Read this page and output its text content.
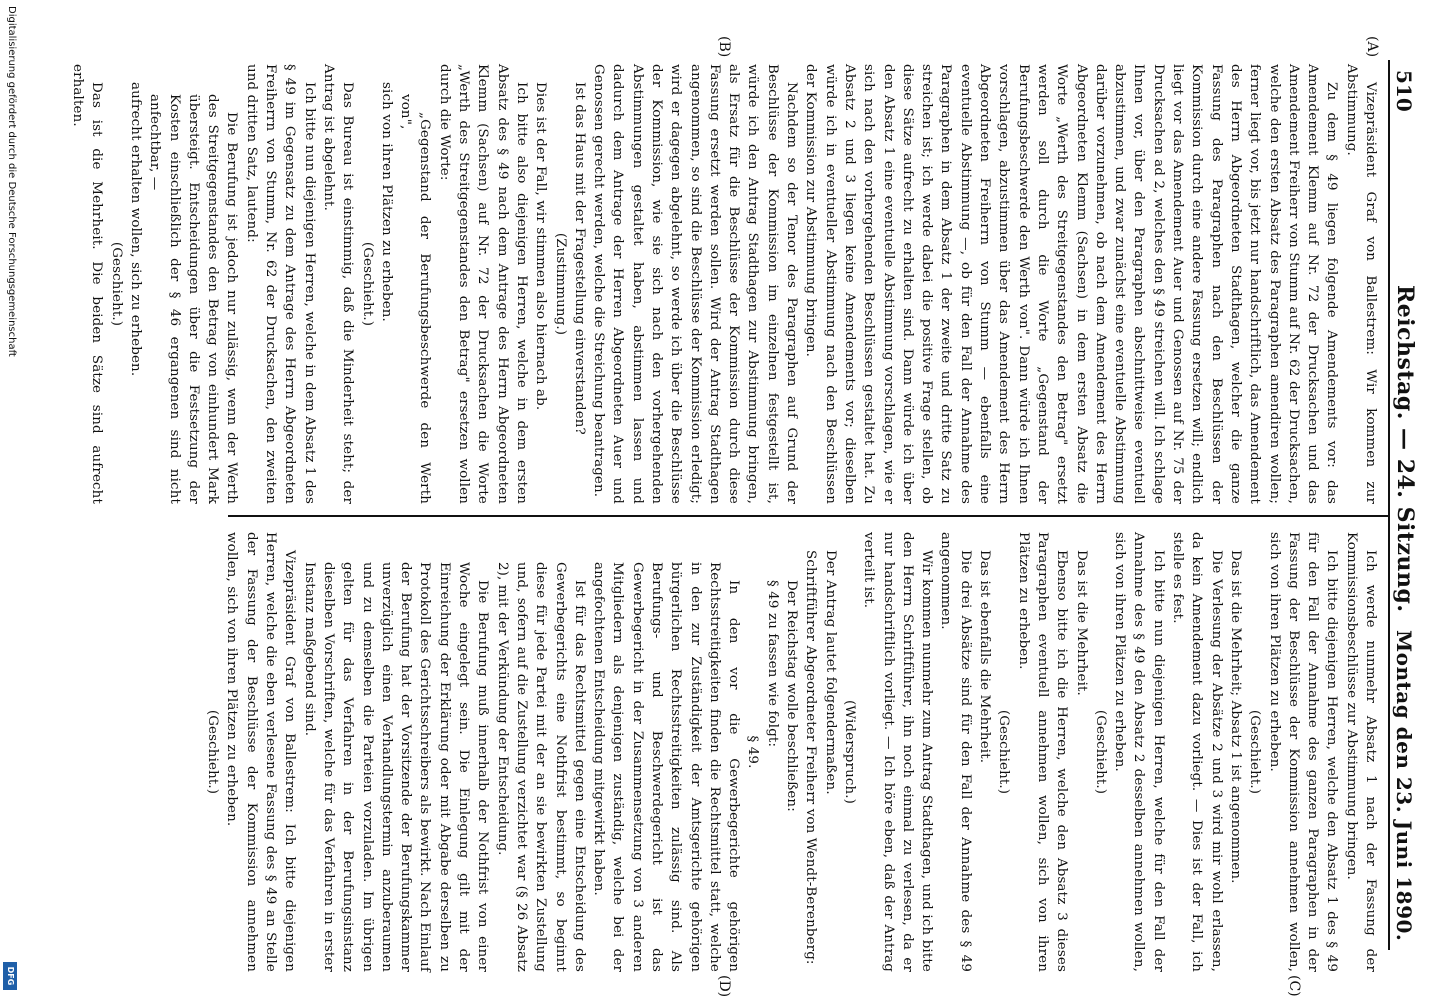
510
Reichstag. — 24. Sitzung.
Montag den 23. Juni 1890.
(A)
(B)
(C)
(D)

Vizepräsident Graf von Ballestrem: Wir kommen zur Abstimmung.

Zu dem § 49 liegen folgende Amendements vor: das Amendement Klemm auf Nr. 72 der Drucksachen und das Amendement Freiherr von Stumm auf Nr. 62 der Drucksachen, welche den ersten Absatz des Paragraphen amendiren wollen; ferner liegt vor, bis jetzt nur handschriftlich, das Amendement des Herrn Abgeordneten Stadthagen, welcher die ganze Fassung des Paragraphen nach den Beschlüssen der Kommission durch eine andere Fassung ersetzen will; endlich liegt vor das Amendement Auer und Genossen auf Nr. 75 der Drucksachen ad 2, welches den § 49 streichen will. Ich schlage Ihnen vor, über den Paragraphen abschnittweise eventuell abzustimmen, und zwar zunächst eine eventuelle Abstimmung darüber vorzunehmen, ob nach dem Amendement des Herrn Abgeordneten Klemm (Sachsen) in dem ersten Absatz die Worte „Werth des Streitgegenstandes den Betrag" ersetzt werden soll durch die Worte „Gegenstand der Berufungsbeschwerde den Werth von". Dann würde ich Ihnen vorschlagen, abzustimmen über das Amendement des Herrn Abgeordneten Freiherrn von Stumm — ebenfalls eine eventuelle Abstimmung —, ob für den Fall der Annahme des Paragraphen in dem Absatz 1 der zweite und dritte Satz zu streichen ist; ich werde dabei die positive Frage stellen, ob diese Sätze aufrecht zu erhalten sind. Dann würde ich über den Absatz 1 eine eventuelle Abstimmung vorschlagen, wie er sich nach den vorhergehenden Beschlüssen gestaltet hat. Zu Absatz 2 und 3 liegen keine Amendements vor; dieselben würde ich in eventueller Abstimmung nach den Beschlüssen der Kommission zur Abstimmung bringen.

Nachdem so der Tenor des Paragraphen auf Grund der Beschlüsse der Kommission im einzelnen festgestellt ist, würde ich den Antrag Stadthagen zur Abstimmung bringen, als Ersatz für die Beschlüsse der Kommission durch diese Fassung ersetzt werden sollen. Wird der Antrag Stadthagen angenommen, so sind die Beschlüsse der Kommission erledigt; wird er dagegen abgelehnt, so werde ich über die Beschlüsse der Kommission, wie sie sich nach den vorhergehenden Abstimmungen gestaltet haben, abstimmen lassen und dadurch dem Antrage der Herren Abgeordneten Auer und Genossen gerecht werden, welche die Streichung beantragen.

Ist das Haus mit der Fragestellung einverstanden?

(Zustimmung.)

Dies ist der Fall, wir stimmen also hiernach ab.

Ich bitte also diejenigen Herren, welche in dem ersten Absatz des § 49 nach dem Antrage des Herrn Abgeordneten Klemm (Sachsen) auf Nr. 72 der Drucksachen die Worte „Werth des Streitgegenstandes den Betrag" ersetzen wollen durch die Worte:

„Gegenstand der Berufungsbeschwerde den Werth von",

sich von ihren Plätzen zu erheben.

(Geschieht.)

Das Bureau ist einstimmig, daß die Minderheit steht; der Antrag ist abgelehnt.

Ich bitte nun diejenigen Herren, welche in dem Absatz 1 des § 49 im Gegensatz zu dem Antrage des Herrn Abgeordneten Freiherrn von Stumm, Nr. 62 der Drucksachen, den zweiten und dritten Satz, lautend:

Die Berufung ist jedoch nur zulässig, wenn der Werth des Streitgegenstandes den Betrag von einhundert Mark übersteigt. Entscheidungen über die Festsetzung der Kosten einschließlich der § 46 ergangenen sind nicht anfechtbar, —

aufrecht erhalten wollen, sich zu erheben.

(Geschieht.)

Das ist die Mehrheit. Die beiden Sätze sind aufrecht erhalten.

Ich werde nunmehr Absatz 1 nach der Fassung der Kommissionsbeschlüsse zur Abstimmung bringen.

Ich bitte diejenigen Herren, welche den Absatz 1 des § 49 für den Fall der Annahme des ganzen Paragraphen in der Fassung der Beschlüsse der Kommission annehmen wollen, sich von ihren Plätzen zu erheben.

(Geschieht.)

Das ist die Mehrheit; Absatz 1 ist angenommen.

Die Verlesung der Absätze 2 und 3 wird mir wohl erlassen, da kein Amendement dazu vorliegt. — Dies ist der Fall, ich stelle es fest.

Ich bitte nun diejenigen Herren, welche für den Fall der Annahme des § 49 den Absatz 2 desselben annehmen wollen, sich von ihren Plätzen zu erheben.

(Geschieht.)

Das ist die Mehrheit.

Ebenso bitte ich die Herren, welche den Absatz 3 dieses Paragraphen eventuell annehmen wollen, sich von ihren Plätzen zu erheben.

(Geschieht.)

Das ist ebenfalls die Mehrheit.

Die drei Absätze sind für den Fall der Annahme des § 49 angenommen.

Wir kommen nunmehr zum Antrag Stadthagen, und ich bitte den Herrn Schriftführer, ihn noch einmal zu verlesen, da er nur handschriftlich vorliegt. — Ich höre eben, daß der Antrag verteilt ist.

(Widerspruch.)

Der Antrag lautet folgendermaßen.

Schriftführer Abgeordneter Freiherr von Wendt-Berenberg:

Der Reichstag wolle beschließen:

§ 49 zu fassen wie folgt:

§ 49.

In den vor die Gewerbegerichte gehörigen Rechtsstreitigkeiten finden die Rechtsmittel statt, welche in den zur Zuständigkeit der Amtsgerichte gehörigen bürgerlichen Rechtsstreitigkeiten zulässig sind. Als Berufungs- und Beschwerdegericht ist das Gewerbegericht in der Zusammensetzung von 3 anderen Mitgliedern als denjenigen zuständig, welche bei der angefochtenen Entscheidung mitgewirkt haben.

Ist für das Rechtsmittel gegen eine Entscheidung des Gewerbegerichts eine Nothfrist bestimmt, so beginnt diese für jede Partei mit der an sie bewirkten Zustellung und, sofern auf die Zustellung verzichtet war (§ 26 Absatz 2), mit der Verkündung der Entscheidung.

Die Berufung muß innerhalb der Nothfrist von einer Woche eingelegt sein. Die Einlegung gilt mit der Einreichung der Erklärung oder mit Abgabe derselben zu Protokoll des Gerichtsschreibers als bewirkt. Nach Einlauf der Berufung hat der Vorsitzende der Berufungskammer unverzüglich einen Verhandlungstermin anzuberaumen und zu demselben die Parteien vorzuladen. Im übrigen gelten für das Verfahren in der Berufungsinstanz dieselben Vorschriften, welche für das Verfahren in erster Instanz maßgebend sind.

Vizepräsident Graf von Ballestrem: Ich bitte diejenigen Herren, welche die eben verlesene Fassung des § 49 an Stelle der Fassung der Beschlüsse der Kommission annehmen wollen, sich von ihren Plätzen zu erheben.

(Geschieht.)

Digitalisierung gefördert durch die Deutsche Forschungsgemeinschaft
DFG
